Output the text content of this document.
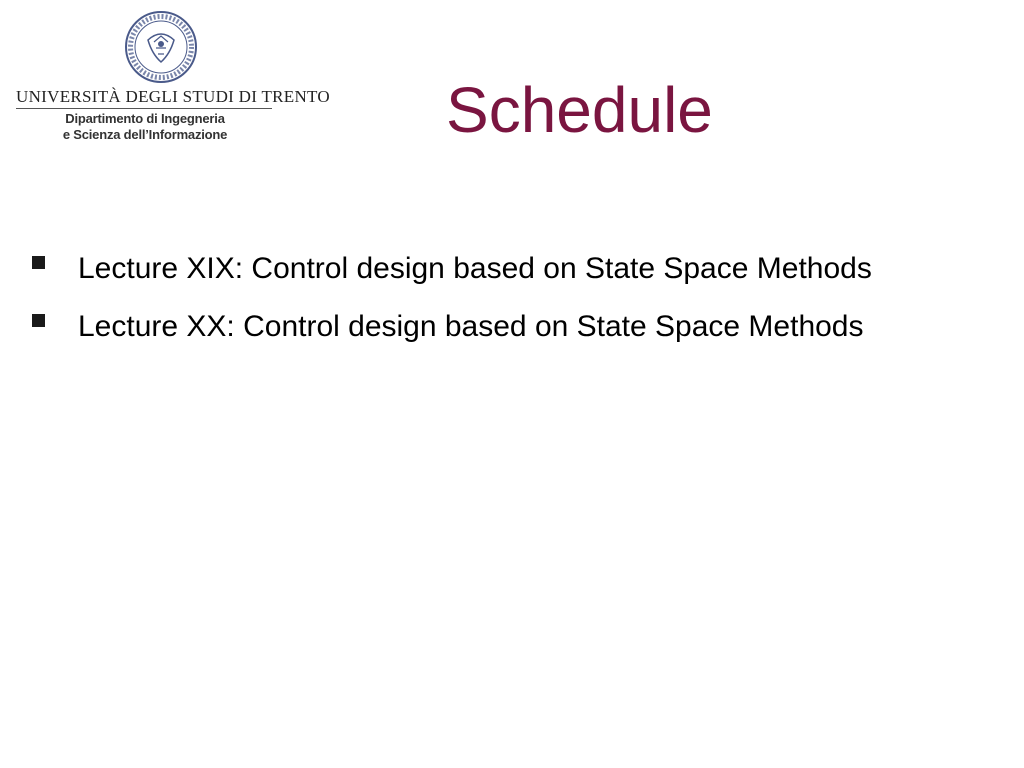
UNIVERSITÀ DEGLI STUDI DI TRENTO
Dipartimento di Ingegneria
e Scienza dell’Informazione	Schedule
Lecture XIX: Control design based on State Space Methods
Lecture XX: Control design based on State Space Methods
